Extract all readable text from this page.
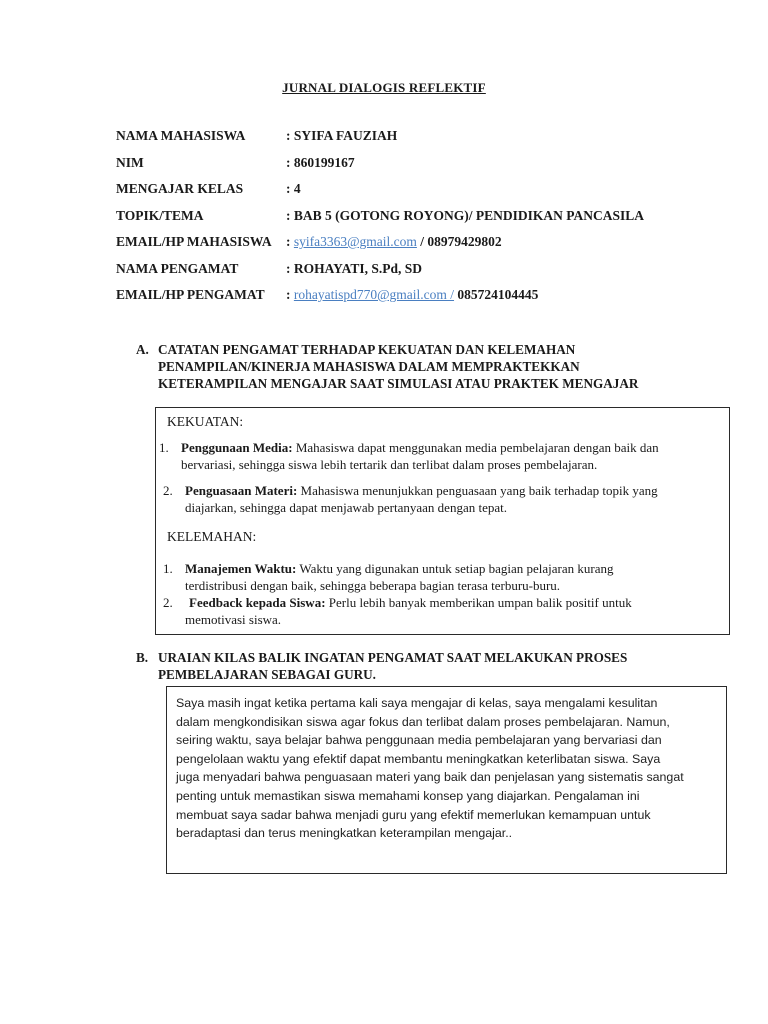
JURNAL DIALOGIS REFLEKTIF
NAMA MAHASISWA	: SYIFA FAUZIAH
NIM	: 860199167
MENGAJAR KELAS	: 4
TOPIK/TEMA	: BAB 5 (GOTONG ROYONG)/ PENDIDIKAN PANCASILA
EMAIL/HP MAHASISWA	: syifa3363@gmail.com / 08979429802
NAMA PENGAMAT	: ROHAYATI, S.Pd, SD
EMAIL/HP PENGAMAT	: rohayatispd770@gmail.com / 085724104445
A. CATATAN PENGAMAT TERHADAP KEKUATAN DAN KELEMAHAN
PENAMPILAN/KINERJA MAHASISWA DALAM MEMPRAKTEKKAN
KETERAMPILAN MENGAJAR SAAT SIMULASI ATAU PRAKTEK MENGAJAR
KEKUATAN:
1. Penggunaan Media: Mahasiswa dapat menggunakan media pembelajaran dengan baik dan
bervariasi, sehingga siswa lebih tertarik dan terlibat dalam proses pembelajaran.
2. Penguasaan Materi: Mahasiswa menunjukkan penguasaan yang baik terhadap topik yang
diajarkan, sehingga dapat menjawab pertanyaan dengan tepat.
KELEMAHAN:
1. Manajemen Waktu: Waktu yang digunakan untuk setiap bagian pelajaran kurang
terdistribusi dengan baik, sehingga beberapa bagian terasa terburu-buru.
2. Feedback kepada Siswa: Perlu lebih banyak memberikan umpan balik positif untuk
memotivasi siswa.
B. URAIAN KILAS BALIK INGATAN PENGAMAT SAAT MELAKUKAN PROSES
PEMBELAJARAN SEBAGAI GURU.
Saya masih ingat ketika pertama kali saya mengajar di kelas, saya mengalami kesulitan
dalam mengkondisikan siswa agar fokus dan terlibat dalam proses pembelajaran. Namun,
seiring waktu, saya belajar bahwa penggunaan media pembelajaran yang bervariasi dan
pengelolaan waktu yang efektif dapat membantu meningkatkan keterlibatan siswa. Saya
juga menyadari bahwa penguasaan materi yang baik dan penjelasan yang sistematis sangat
penting untuk memastikan siswa memahami konsep yang diajarkan. Pengalaman ini
membuat saya sadar bahwa menjadi guru yang efektif memerlukan kemampuan untuk
beradaptasi dan terus meningkatkan keterampilan mengajar..
